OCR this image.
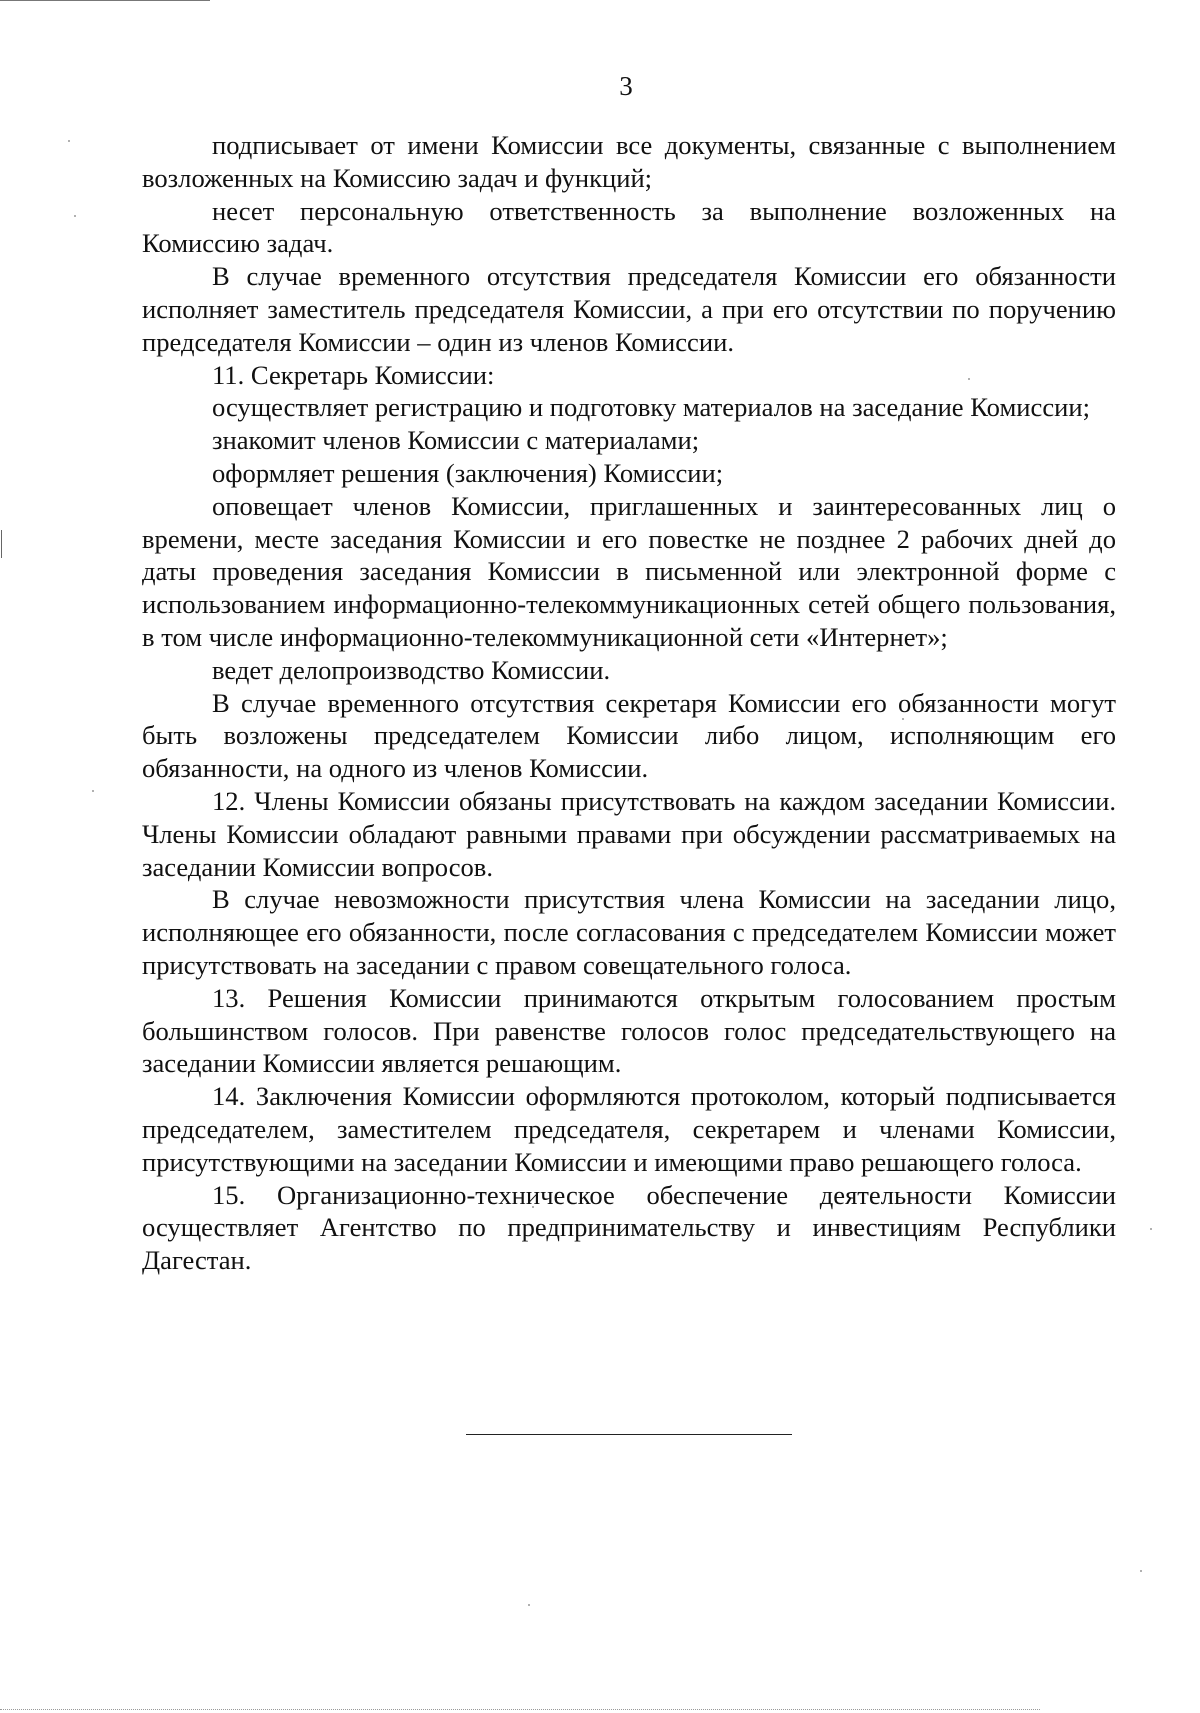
3

подписывает от имени Комиссии все документы, связанные с выполнением возложенных на Комиссию задач и функций;

несет персональную ответственность за выполнение возложенных на Комиссию задач.

В случае временного отсутствия председателя Комиссии его обязанности исполняет заместитель председателя Комиссии, а при его отсутствии по поручению председателя Комиссии – один из членов Комиссии.

11. Секретарь Комиссии:

осуществляет регистрацию и подготовку материалов на заседание Комиссии;

знакомит членов Комиссии с материалами;

оформляет решения (заключения) Комиссии;

оповещает членов Комиссии, приглашенных и заинтересованных лиц о времени, месте заседания Комиссии и его повестке не позднее 2 рабочих дней до даты проведения заседания Комиссии в письменной или электронной форме с использованием информационно-телекоммуникационных сетей общего пользования, в том числе информационно-телекоммуникационной сети «Интернет»;

ведет делопроизводство Комиссии.

В случае временного отсутствия секретаря Комиссии его обязанности могут быть возложены председателем Комиссии либо лицом, исполняющим его обязанности, на одного из членов Комиссии.

12. Члены Комиссии обязаны присутствовать на каждом заседании Комиссии. Члены Комиссии обладают равными правами при обсуждении рассматриваемых на заседании Комиссии вопросов.

В случае невозможности присутствия члена Комиссии на заседании лицо, исполняющее его обязанности, после согласования с председателем Комиссии может присутствовать на заседании с правом совещательного голоса.

13. Решения Комиссии принимаются открытым голосованием простым большинством голосов. При равенстве голосов голос председательствующего на заседании Комиссии является решающим.

14. Заключения Комиссии оформляются протоколом, который подписывается председателем, заместителем председателя, секретарем и членами Комиссии, присутствующими на заседании Комиссии и имеющими право решающего голоса.

15. Организационно-техническое обеспечение деятельности Комиссии осуществляет Агентство по предпринимательству и инвестициям Республики Дагестан.
